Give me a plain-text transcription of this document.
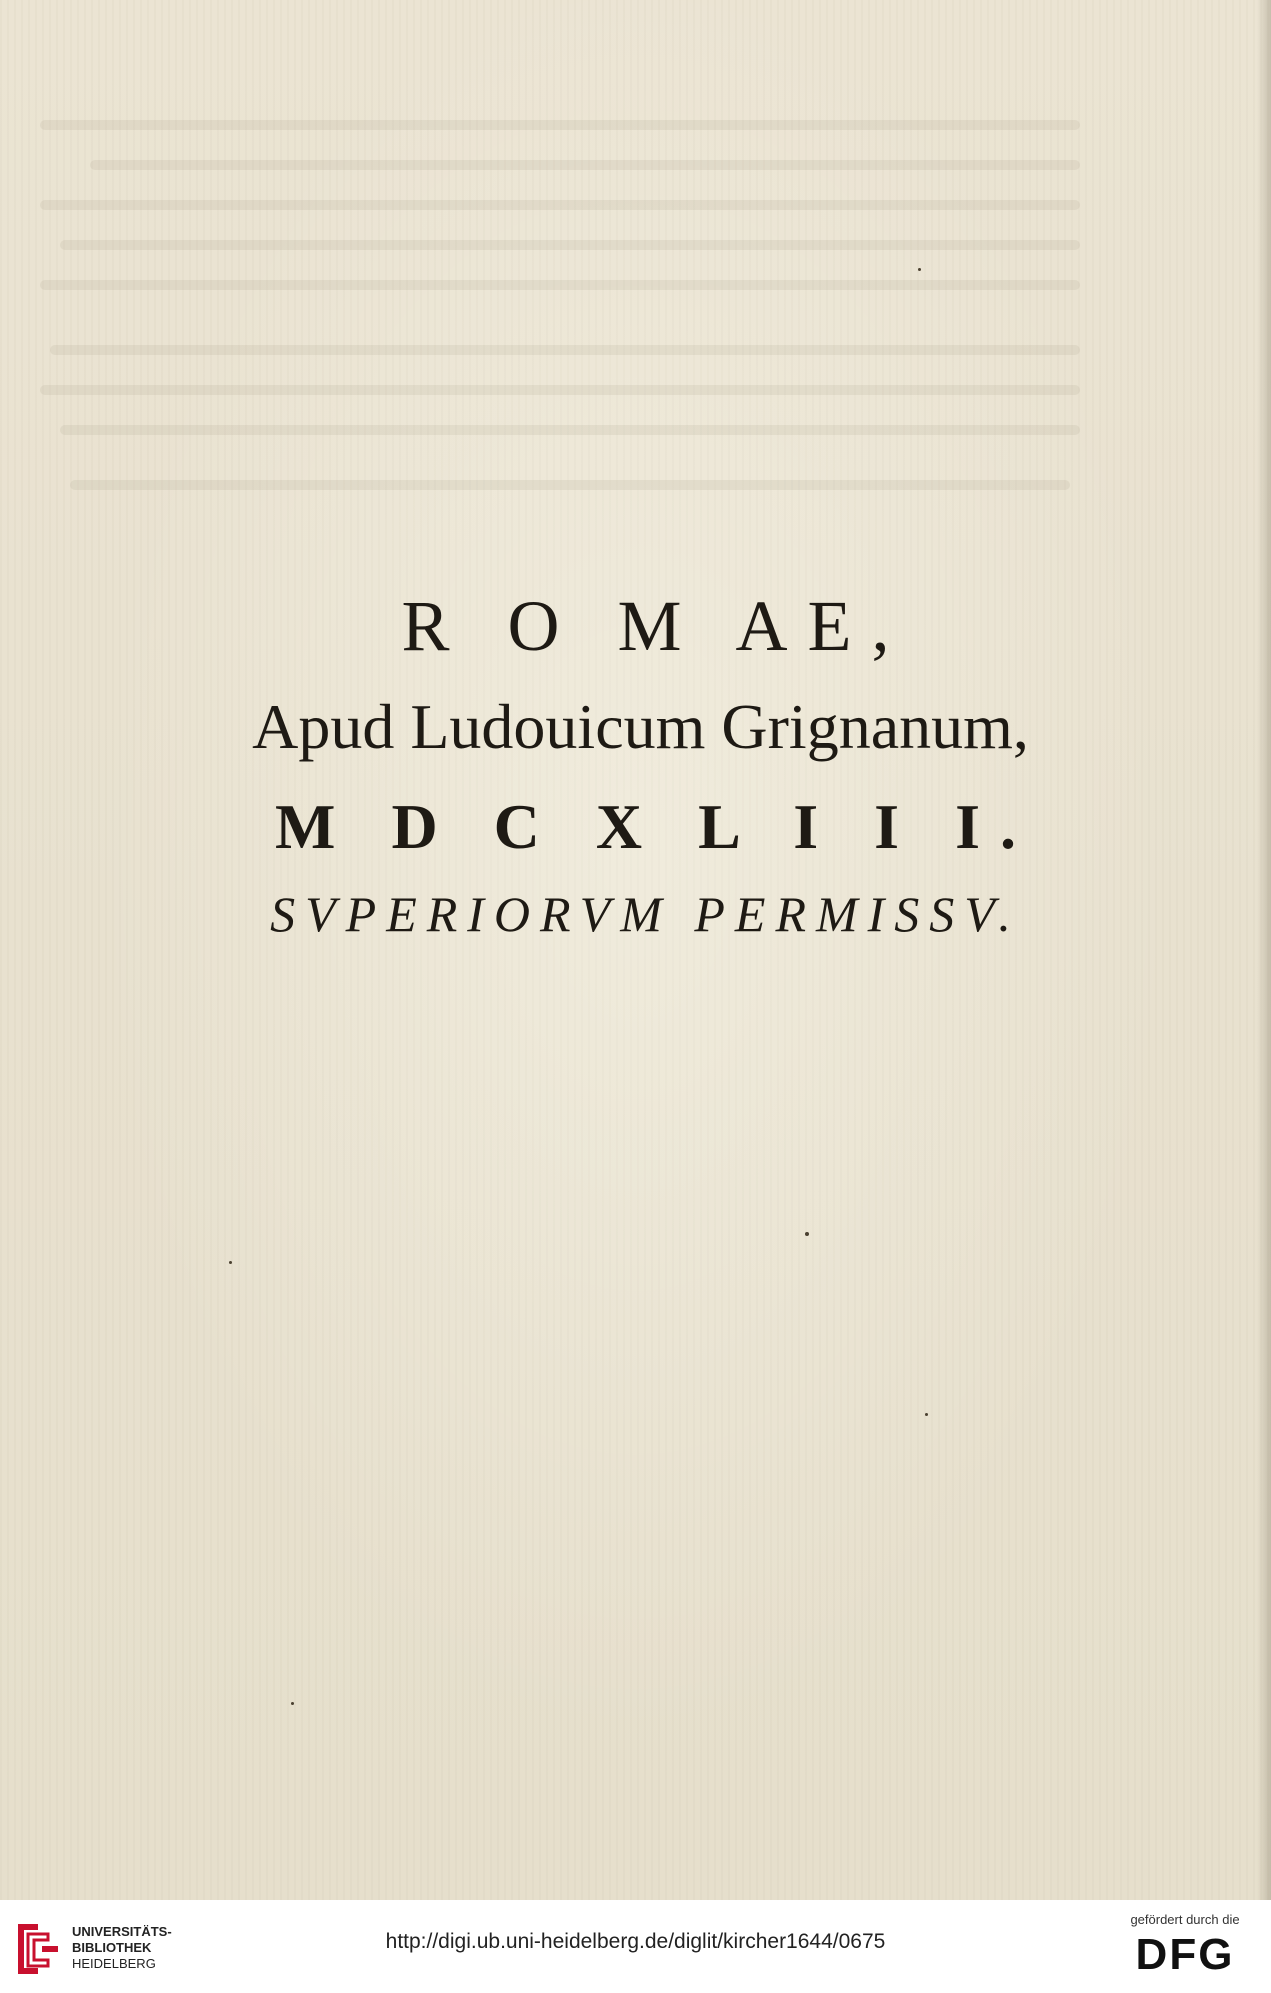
R O M AE,
Apud Ludouicum Grignanum,
M D C X L I I I.
SVPERIORVM PERMISSV.
UNIVERSITÄTS-
BIBLIOTHEK
HEIDELBERG
http://digi.ub.uni-heidelberg.de/diglit/kircher1644/0675
gefördert durch die
DFG
